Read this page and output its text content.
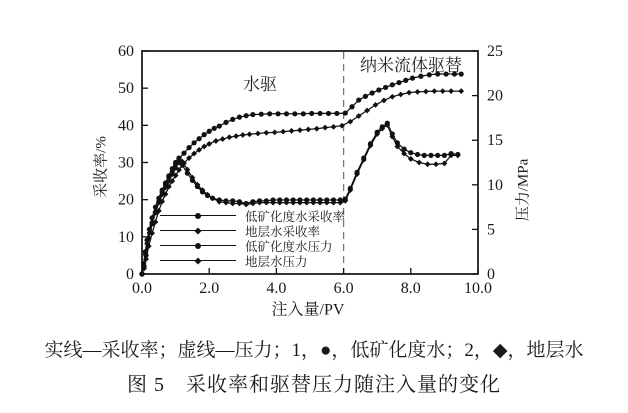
0.0	2.0	4.0	6.0	8.0	10.0
0
10
20
30
40
50
60
0
5
10
15
20
25
水驱
纳米流体驱替
采收率/%	压力/MPa
注入量/PV
低矿化度水采收率
地层水采收率
低矿化度水压力
地层水压力
实线—采收率；虚线—压力；1，●，低矿化度水；2，◆，地层水
图 5　采收率和驱替压力随注入量的变化
